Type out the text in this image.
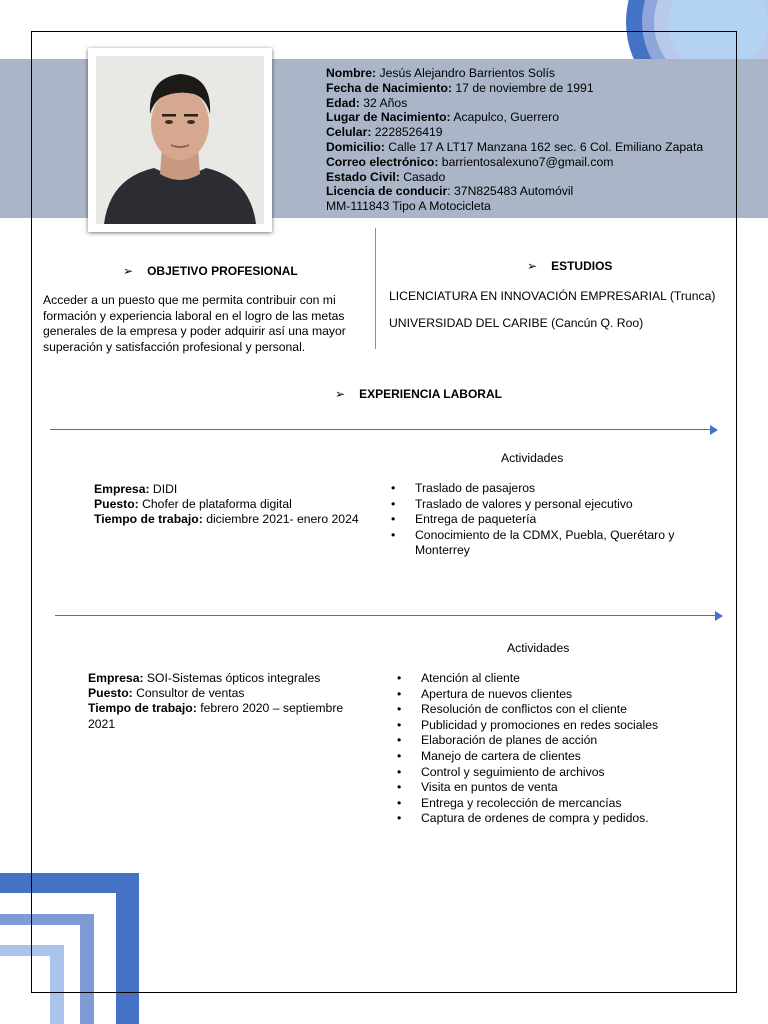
Nombre: Jesús Alejandro Barrientos Solís
Fecha de Nacimiento: 17 de noviembre de 1991
Edad: 32 Años
Lugar de Nacimiento: Acapulco, Guerrero
Celular: 2228526419
Domicilio: Calle 17 A LT17 Manzana 162 sec. 6 Col. Emiliano Zapata
Correo electrónico: barrientosalexuno7@gmail.com
Estado Civil: Casado
Licencia de conducir: 37N825483 Automóvil
MM-111843 Tipo A Motocicleta
➢ OBJETIVO PROFESIONAL
Acceder a un puesto que me permita contribuir con mi formación y experiencia laboral en el logro de las metas generales de la empresa y poder adquirir así una mayor superación y satisfacción profesional y personal.
➢ ESTUDIOS
LICENCIATURA EN INNOVACIÓN EMPRESARIAL (Trunca)
UNIVERSIDAD DEL CARIBE (Cancún Q. Roo)
➢ EXPERIENCIA LABORAL
Actividades
Empresa: DIDI
Puesto: Chofer de plataforma digital
Tiempo de trabajo: diciembre 2021- enero 2024
• Traslado de pasajeros
• Traslado de valores y personal ejecutivo
• Entrega de paquetería
• Conocimiento de la CDMX, Puebla, Querétaro y Monterrey
Actividades
Empresa: SOI-Sistemas ópticos integrales
Puesto: Consultor de ventas
Tiempo de trabajo: febrero 2020 – septiembre 2021
• Atención al cliente
• Apertura de nuevos clientes
• Resolución de conflictos con el cliente
• Publicidad y promociones en redes sociales
• Elaboración de planes de acción
• Manejo de cartera de clientes
• Control y seguimiento de archivos
• Visita en puntos de venta
• Entrega y recolección de mercancías
• Captura de ordenes de compra y pedidos.
